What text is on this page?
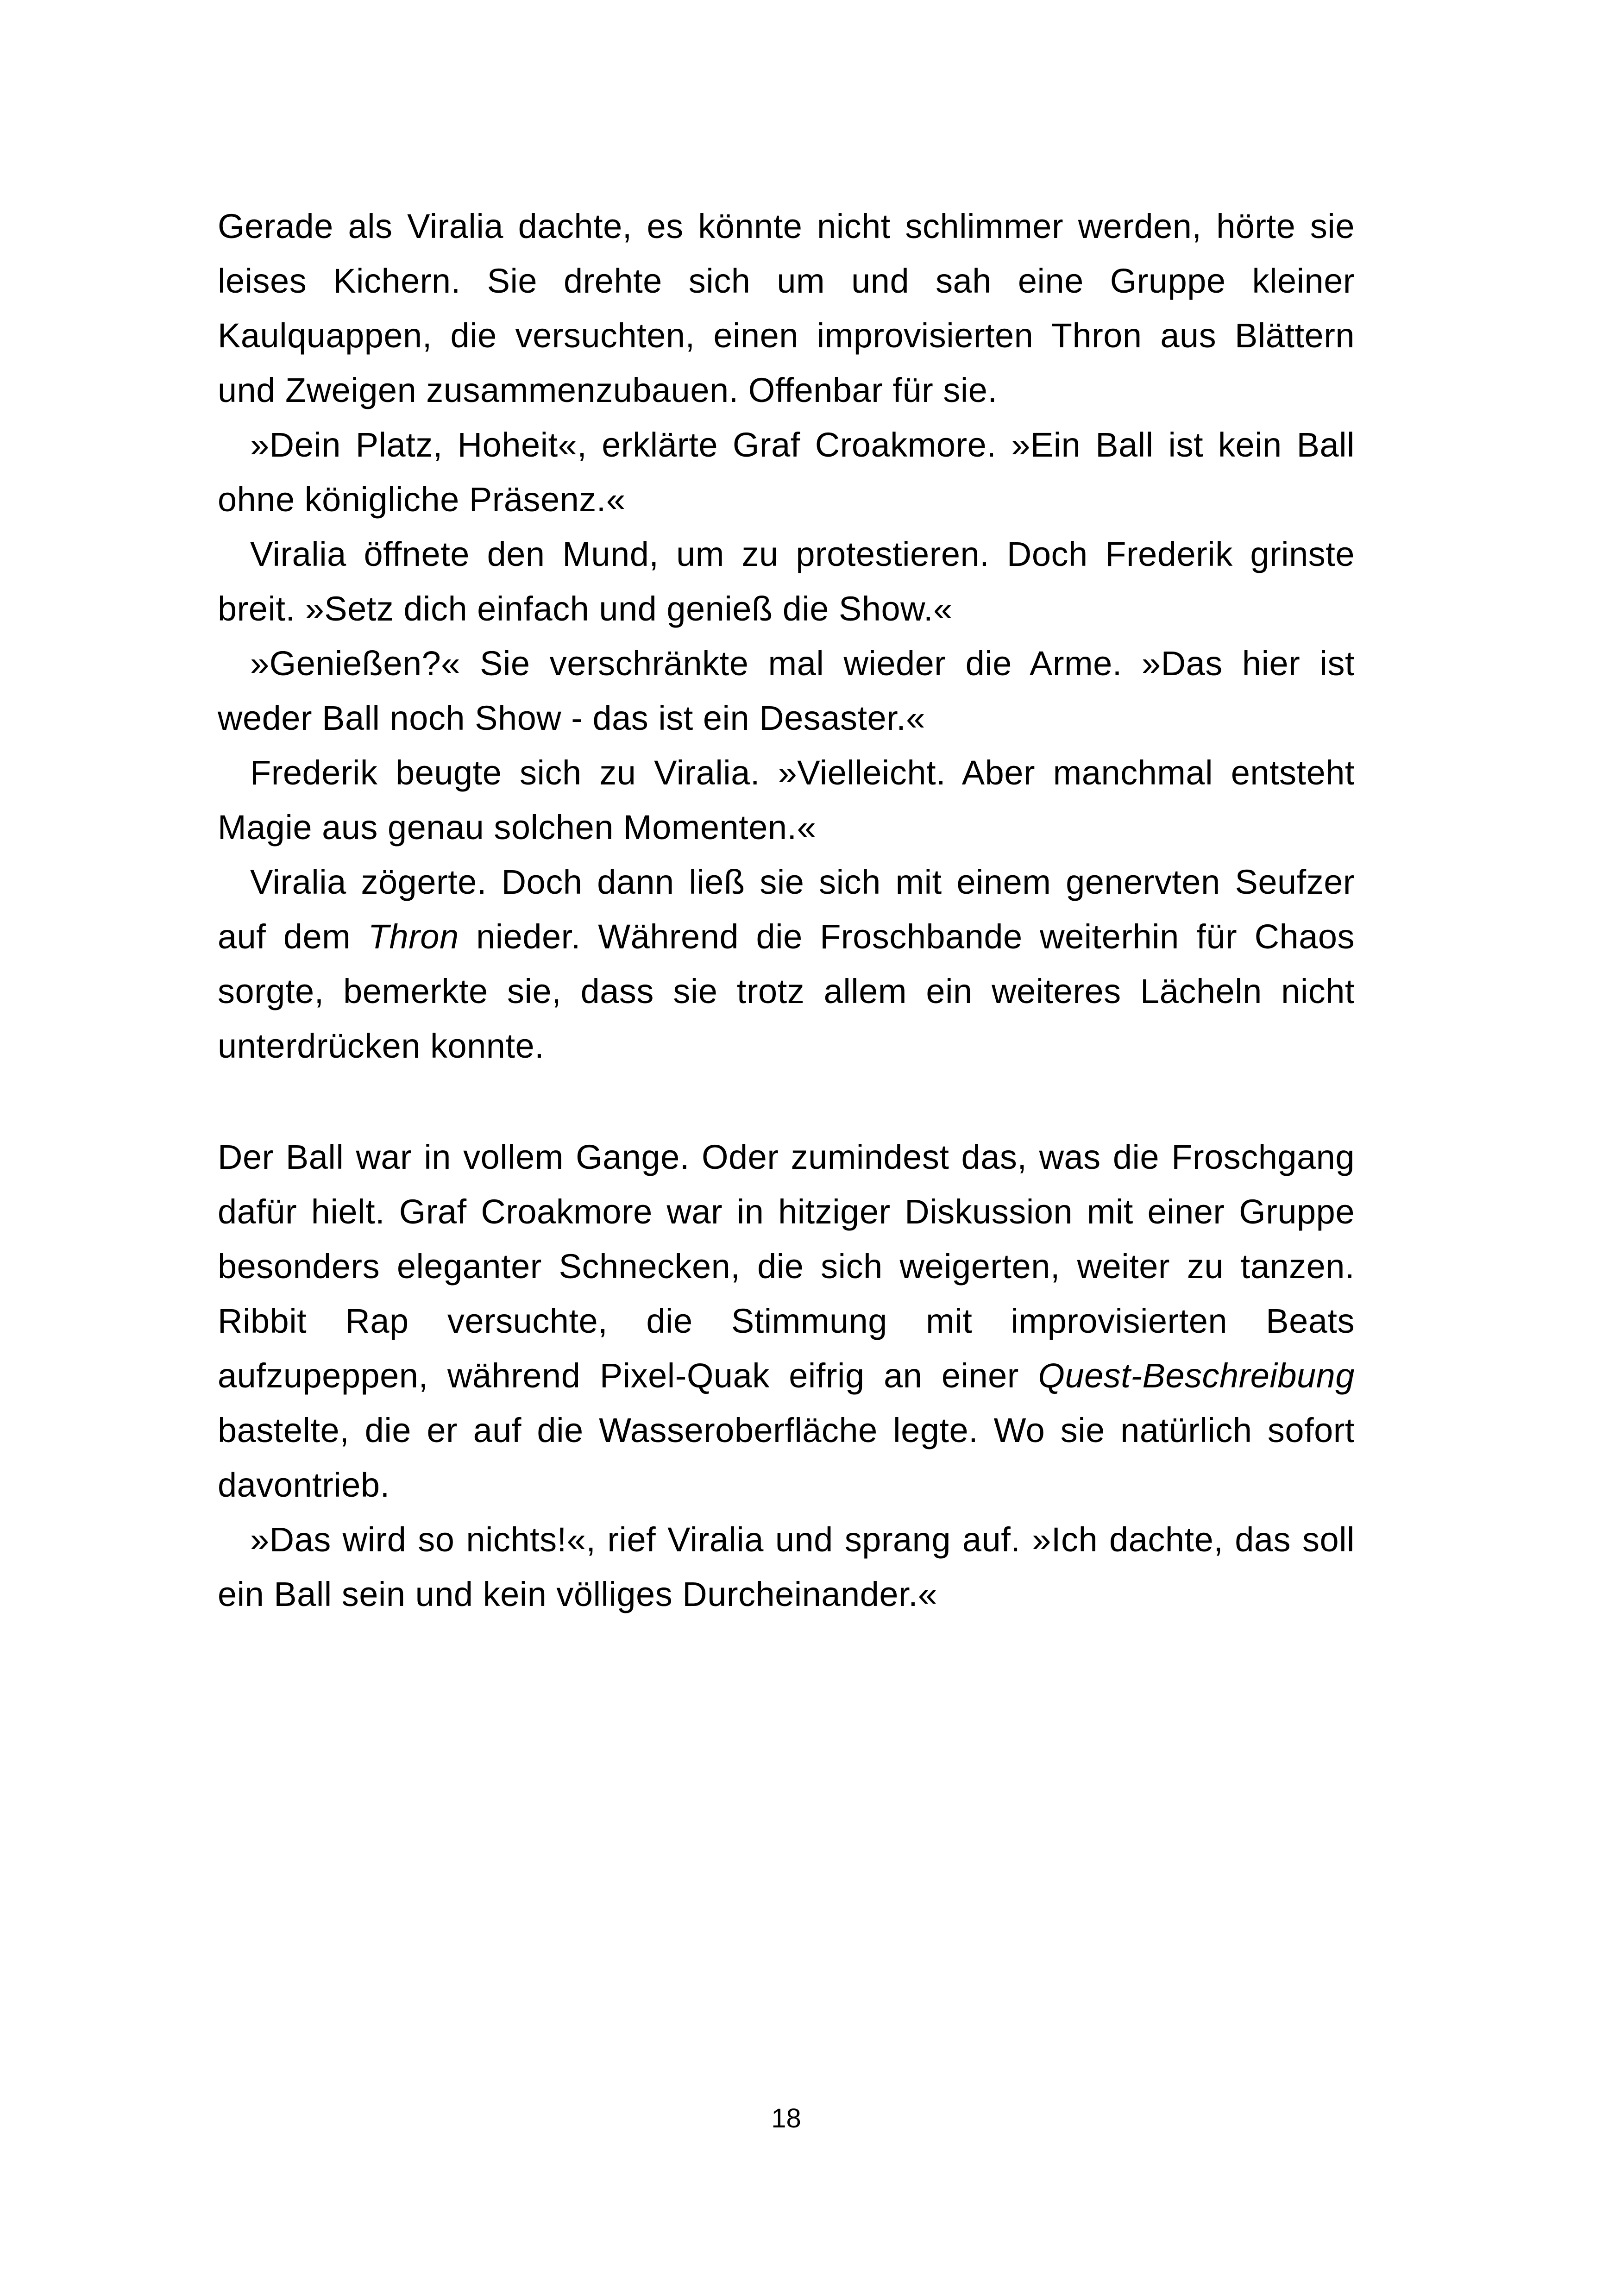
Gerade als Viralia dachte, es könnte nicht schlimmer werden, hörte sie leises Kichern. Sie drehte sich um und sah eine Gruppe kleiner Kaulquappen, die versuchten, einen improvisierten Thron aus Blättern und Zweigen zusammenzubauen. Offenbar für sie.

»Dein Platz, Hoheit«, erklärte Graf Croakmore. »Ein Ball ist kein Ball ohne königliche Präsenz.«

Viralia öffnete den Mund, um zu protestieren. Doch Frederik grinste breit. »Setz dich einfach und genieß die Show.«

»Genießen?« Sie verschränkte mal wieder die Arme. »Das hier ist weder Ball noch Show - das ist ein Desaster.«

Frederik beugte sich zu Viralia. »Vielleicht. Aber manchmal entsteht Magie aus genau solchen Momenten.«

Viralia zögerte. Doch dann ließ sie sich mit einem genervten Seufzer auf dem Thron nieder. Während die Froschbande weiterhin für Chaos sorgte, bemerkte sie, dass sie trotz allem ein weiteres Lächeln nicht unterdrücken konnte.

Der Ball war in vollem Gange. Oder zumindest das, was die Froschgang dafür hielt. Graf Croakmore war in hitziger Diskussion mit einer Gruppe besonders eleganter Schnecken, die sich weigerten, weiter zu tanzen. Ribbit Rap versuchte, die Stimmung mit improvisierten Beats aufzupeppen, während Pixel-Quak eifrig an einer Quest-Beschreibung bastelte, die er auf die Wasseroberfläche legte. Wo sie natürlich sofort davontrieb.

»Das wird so nichts!«, rief Viralia und sprang auf. »Ich dachte, das soll ein Ball sein und kein völliges Durcheinander.«

18
